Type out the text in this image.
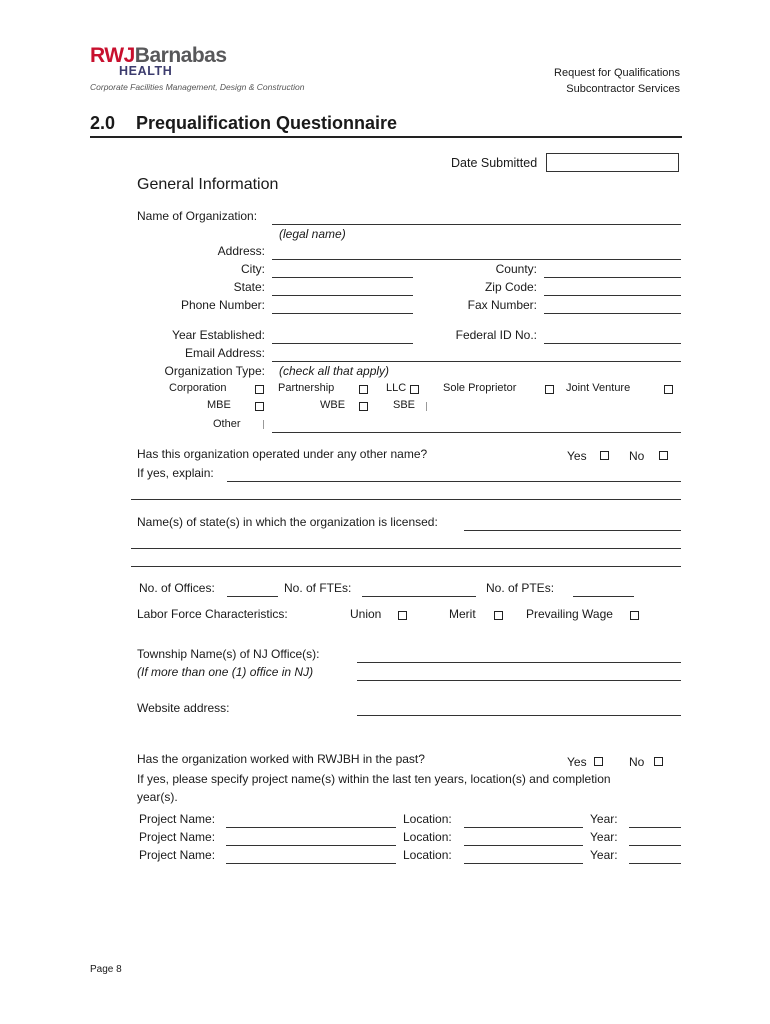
RWJBarnabas
HEALTH
Corporate Facilities Management, Design & Construction
Request for Qualifications
Subcontractor Services
2.0 Prequalification Questionnaire
Date Submitted
General Information
Name of Organization:
(legal name)
Address:
City:	County:
State:	Zip Code:
Phone Number:	Fax Number:
Year Established:	Federal ID No.:
Email Address:
Organization Type: (check all that apply)
Corporation	Partnership	LLC	Sole Proprietor	Joint Venture
MBE	WBE	SBE
Other
Has this organization operated under any other name?	Yes	No
If yes, explain:
Name(s) of state(s) in which the organization is licensed:
No. of Offices:	No. of FTEs:	No. of PTEs:
Labor Force Characteristics:	Union	Merit	Prevailing Wage
Township Name(s) of NJ Office(s):
(If more than one (1) office in NJ)
Website address:
Has the organization worked with RWJBH in the past?	Yes	No
If yes, please specify project name(s) within the last ten years, location(s) and completion
year(s).
Project Name:	Location:	Year:
Project Name:	Location:	Year:
Project Name:	Location:	Year:
Page 8
